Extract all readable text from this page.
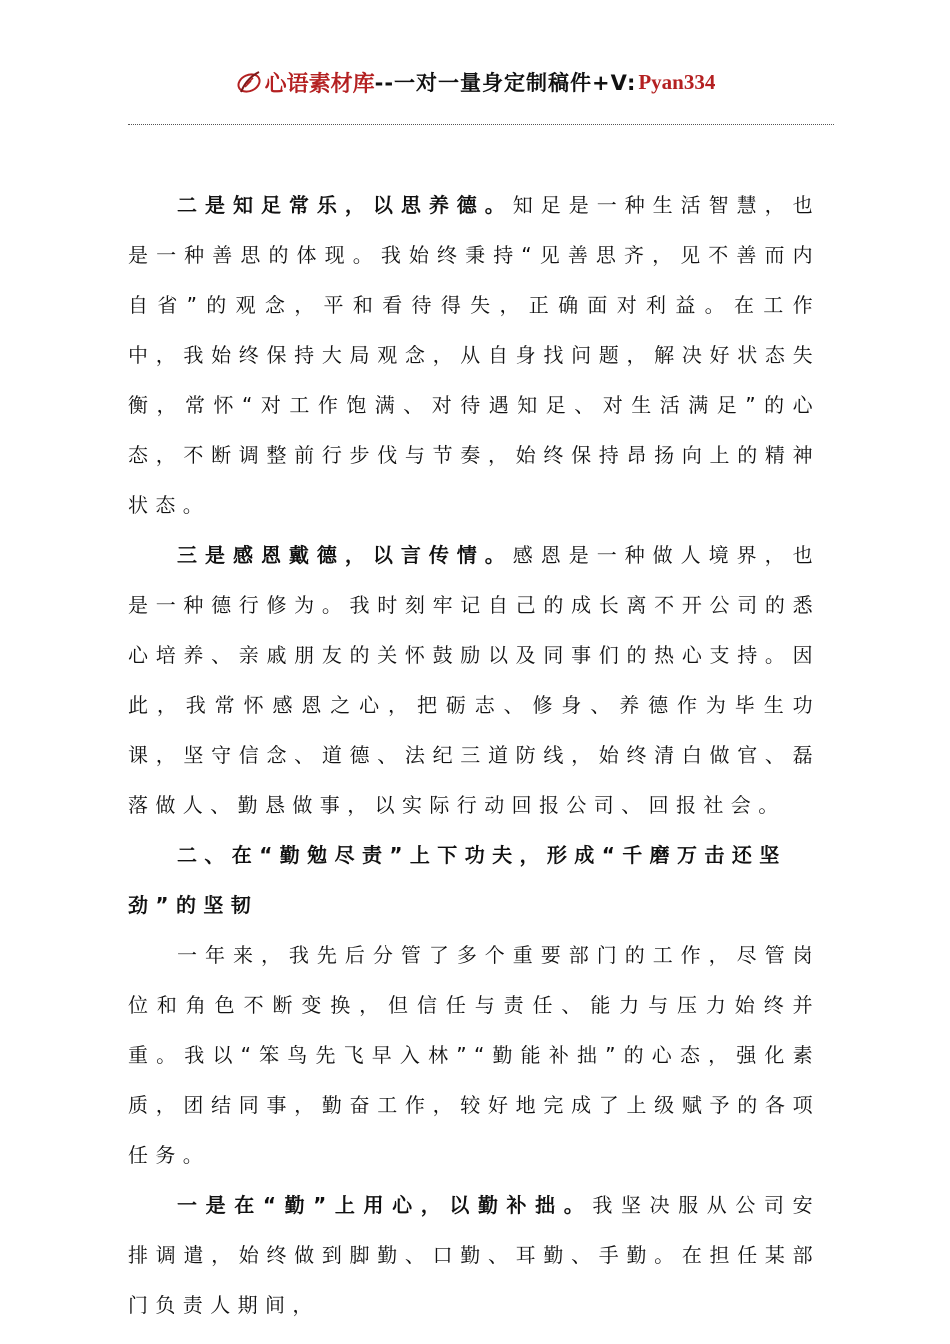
心语素材库 --一对一量身定制稿件+V: Pyan334

二是知足常乐，以思养德。知足是一种生活智慧，也是一种善思的体现。我始终秉持“见善思齐，见不善而内自省”的观念，平和看待得失，正确面对利益。在工作中，我始终保持大局观念，从自身找问题，解决好状态失衡，常怀“对工作饱满、对待遇知足、对生活满足”的心态，不断调整前行步伐与节奏，始终保持昂扬向上的精神状态。

三是感恩戴德，以言传情。感恩是一种做人境界，也是一种德行修为。我时刻牢记自己的成长离不开公司的悉心培养、亲戚朋友的关怀鼓励以及同事们的热心支持。因此，我常怀感恩之心，把砺志、修身、养德作为毕生功课，坚守信念、道德、法纪三道防线，始终清白做官、磊落做人、勤恳做事，以实际行动回报公司、回报社会。

二、在“勤勉尽责”上下功夫，形成“千磨万击还坚劲”的坚韧

一年来，我先后分管了多个重要部门的工作，尽管岗位和角色不断变换，但信任与责任、能力与压力始终并重。我以“笨鸟先飞早入林”“勤能补拙”的心态，强化素质，团结同事，勤奋工作，较好地完成了上级赋予的各项任务。

一是在“勤”上用心，以勤补拙。我坚决服从公司安排调遣，始终做到脚勤、口勤、耳勤、手勤。在担任某部门负责人期间，
